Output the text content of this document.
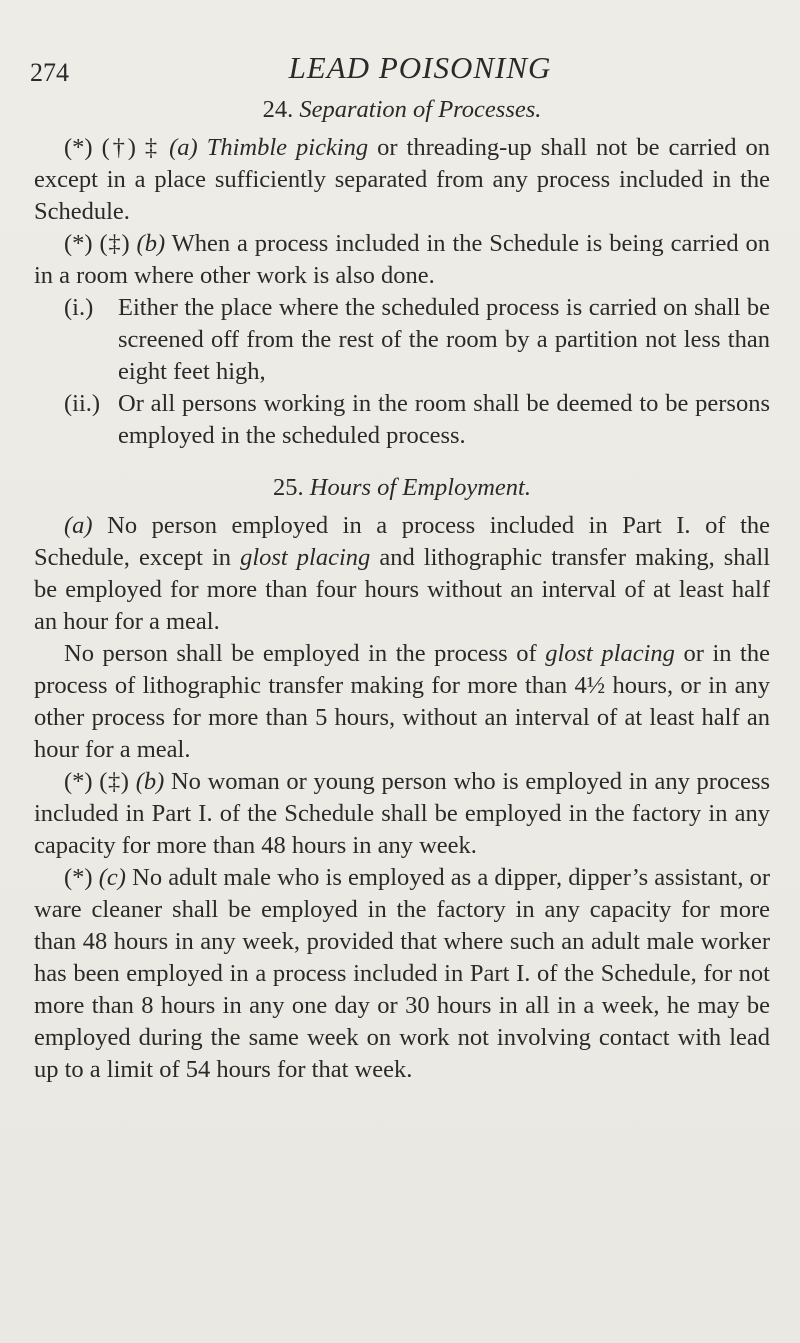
274	LEAD POISONING
24. Separation of Processes.

(*) (†) ‡ (a) Thimble picking or threading-up shall not be carried on except in a place sufficiently separated from any process included in the Schedule.

(*) (‡) (b) When a process included in the Schedule is being carried on in a room where other work is also done.

(i.)	Either the place where the scheduled process is carried on shall be screened off from the rest of the room by a partition not less than eight feet high,
(ii.) Or all persons working in the room shall be deemed to be persons employed in the scheduled process.
25. Hours of Employment.

(a) No person employed in a process included in Part I. of the Schedule, except in glost placing and lithographic transfer making, shall be employed for more than four hours without an interval of at least half an hour for a meal.

No person shall be employed in the process of glost placing or in the process of lithographic transfer making for more than 4½ hours, or in any other process for more than 5 hours, without an interval of at least half an hour for a meal.

(*) (‡) (b) No woman or young person who is employed in any process included in Part I. of the Schedule shall be employed in the factory in any capacity for more than 48 hours in any week.

(*) (c) No adult male who is employed as a dipper, dipper’s assistant, or ware cleaner shall be employed in the factory in any capacity for more than 48 hours in any week, provided that where such an adult male worker has been employed in a process included in Part I. of the Schedule, for not more than 8 hours in any one day or 30 hours in all in a week, he may be employed during the same week on work not involving contact with lead up to a limit of 54 hours for that week.
